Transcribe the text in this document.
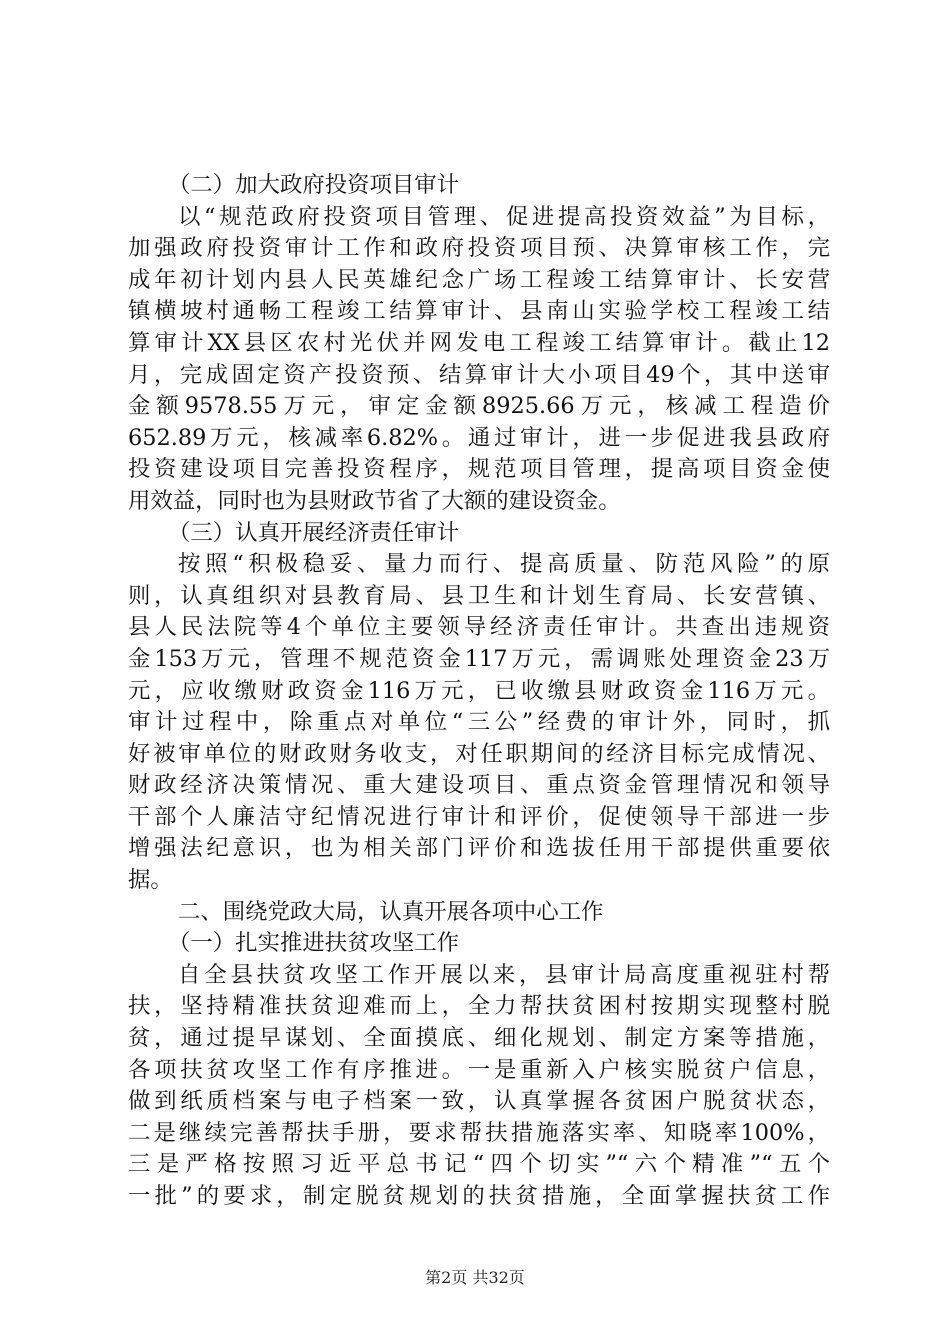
（二）加大政府投资项目审计
以“规范政府投资项目管理、促进提高投资效益”为目标，
加强政府投资审计工作和政府投资项目预、决算审核工作，完
成年初计划内县人民英雄纪念广场工程竣工结算审计、长安营
镇横坡村通畅工程竣工结算审计、县南山实验学校工程竣工结
算审计XX县区农村光伏并网发电工程竣工结算审计。截止12
月，完成固定资产投资预、结算审计大小项目49个，其中送审
金额9578.55万元，审定金额8925.66万元，核减工程造价
652.89万元，核减率6.82%。通过审计，进一步促进我县政府
投资建设项目完善投资程序，规范项目管理，提高项目资金使
用效益，同时也为县财政节省了大额的建设资金。
（三）认真开展经济责任审计
按照“积极稳妥、量力而行、提高质量、防范风险”的原
则，认真组织对县教育局、县卫生和计划生育局、长安营镇、
县人民法院等4个单位主要领导经济责任审计。共查出违规资
金153万元，管理不规范资金117万元，需调账处理资金23万
元，应收缴财政资金116万元，已收缴县财政资金116万元。
审计过程中，除重点对单位“三公”经费的审计外，同时，抓
好被审单位的财政财务收支，对任职期间的经济目标完成情况、
财政经济决策情况、重大建设项目、重点资金管理情况和领导
干部个人廉洁守纪情况进行审计和评价，促使领导干部进一步
增强法纪意识，也为相关部门评价和选拔任用干部提供重要依
据。
二、围绕党政大局，认真开展各项中心工作
（一）扎实推进扶贫攻坚工作
自全县扶贫攻坚工作开展以来，县审计局高度重视驻村帮
扶，坚持精准扶贫迎难而上，全力帮扶贫困村按期实现整村脱
贫，通过提早谋划、全面摸底、细化规划、制定方案等措施，
各项扶贫攻坚工作有序推进。一是重新入户核实脱贫户信息，
做到纸质档案与电子档案一致，认真掌握各贫困户脱贫状态，
二是继续完善帮扶手册，要求帮扶措施落实率、知晓率100%，
三是严格按照习近平总书记“四个切实”“六个精准”“五个
一批”的要求，制定脱贫规划的扶贫措施，全面掌握扶贫工作
第2页 共32页
